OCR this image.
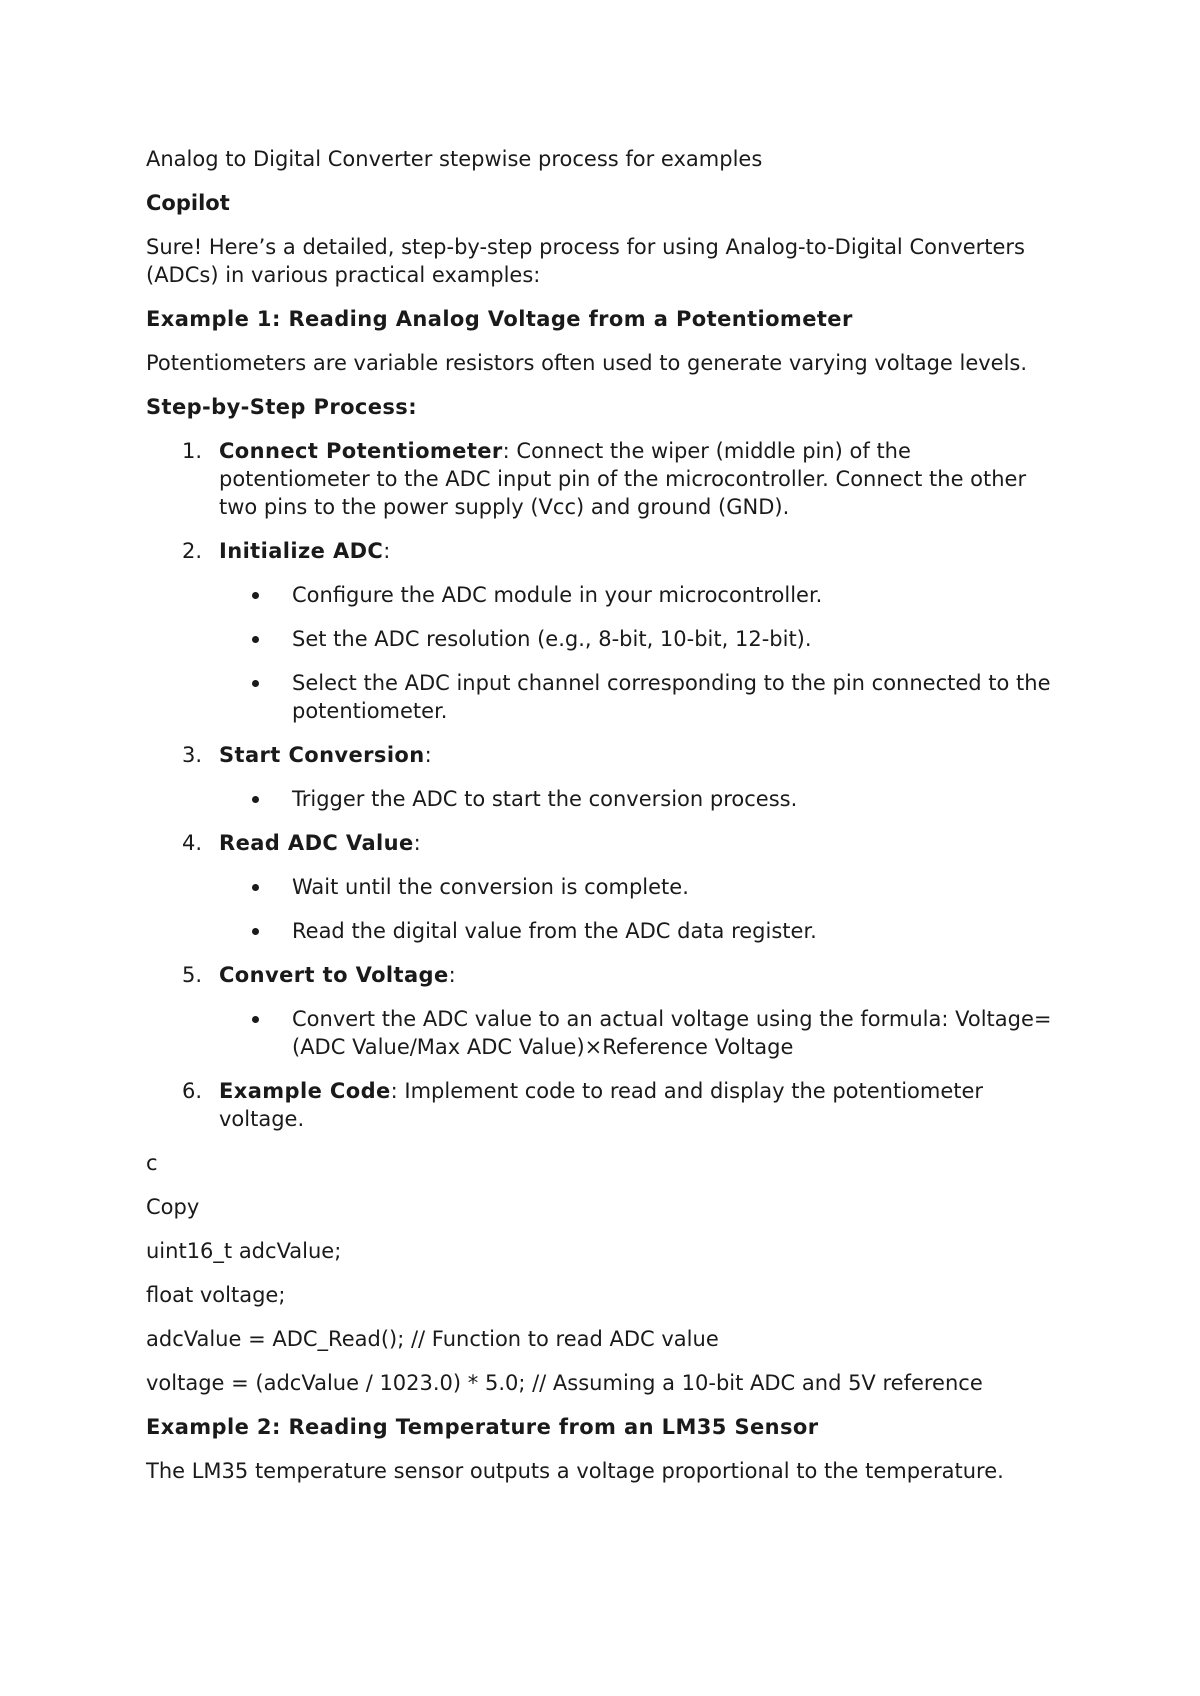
Analog to Digital Converter stepwise process for examples

Copilot

Sure! Here’s a detailed, step-by-step process for using Analog-to-Digital Converters (ADCs) in various practical examples:

Example 1: Reading Analog Voltage from a Potentiometer

Potentiometers are variable resistors often used to generate varying voltage levels.

Step-by-Step Process:

1. Connect Potentiometer: Connect the wiper (middle pin) of the potentiometer to the ADC input pin of the microcontroller. Connect the other two pins to the power supply (Vcc) and ground (GND).
2. Initialize ADC:
Configure the ADC module in your microcontroller.
Set the ADC resolution (e.g., 8-bit, 10-bit, 12-bit).
Select the ADC input channel corresponding to the pin connected to the potentiometer.
3. Start Conversion:
Trigger the ADC to start the conversion process.
4. Read ADC Value:
Wait until the conversion is complete.
Read the digital value from the ADC data register.
5. Convert to Voltage:
Convert the ADC value to an actual voltage using the formula: Voltage=(ADC Value/Max ADC Value)×Reference Voltage
6. Example Code: Implement code to read and display the potentiometer voltage.

c

Copy

uint16_t adcValue;

float voltage;

adcValue = ADC_Read(); // Function to read ADC value

voltage = (adcValue / 1023.0) * 5.0; // Assuming a 10-bit ADC and 5V reference

Example 2: Reading Temperature from an LM35 Sensor

The LM35 temperature sensor outputs a voltage proportional to the temperature.
